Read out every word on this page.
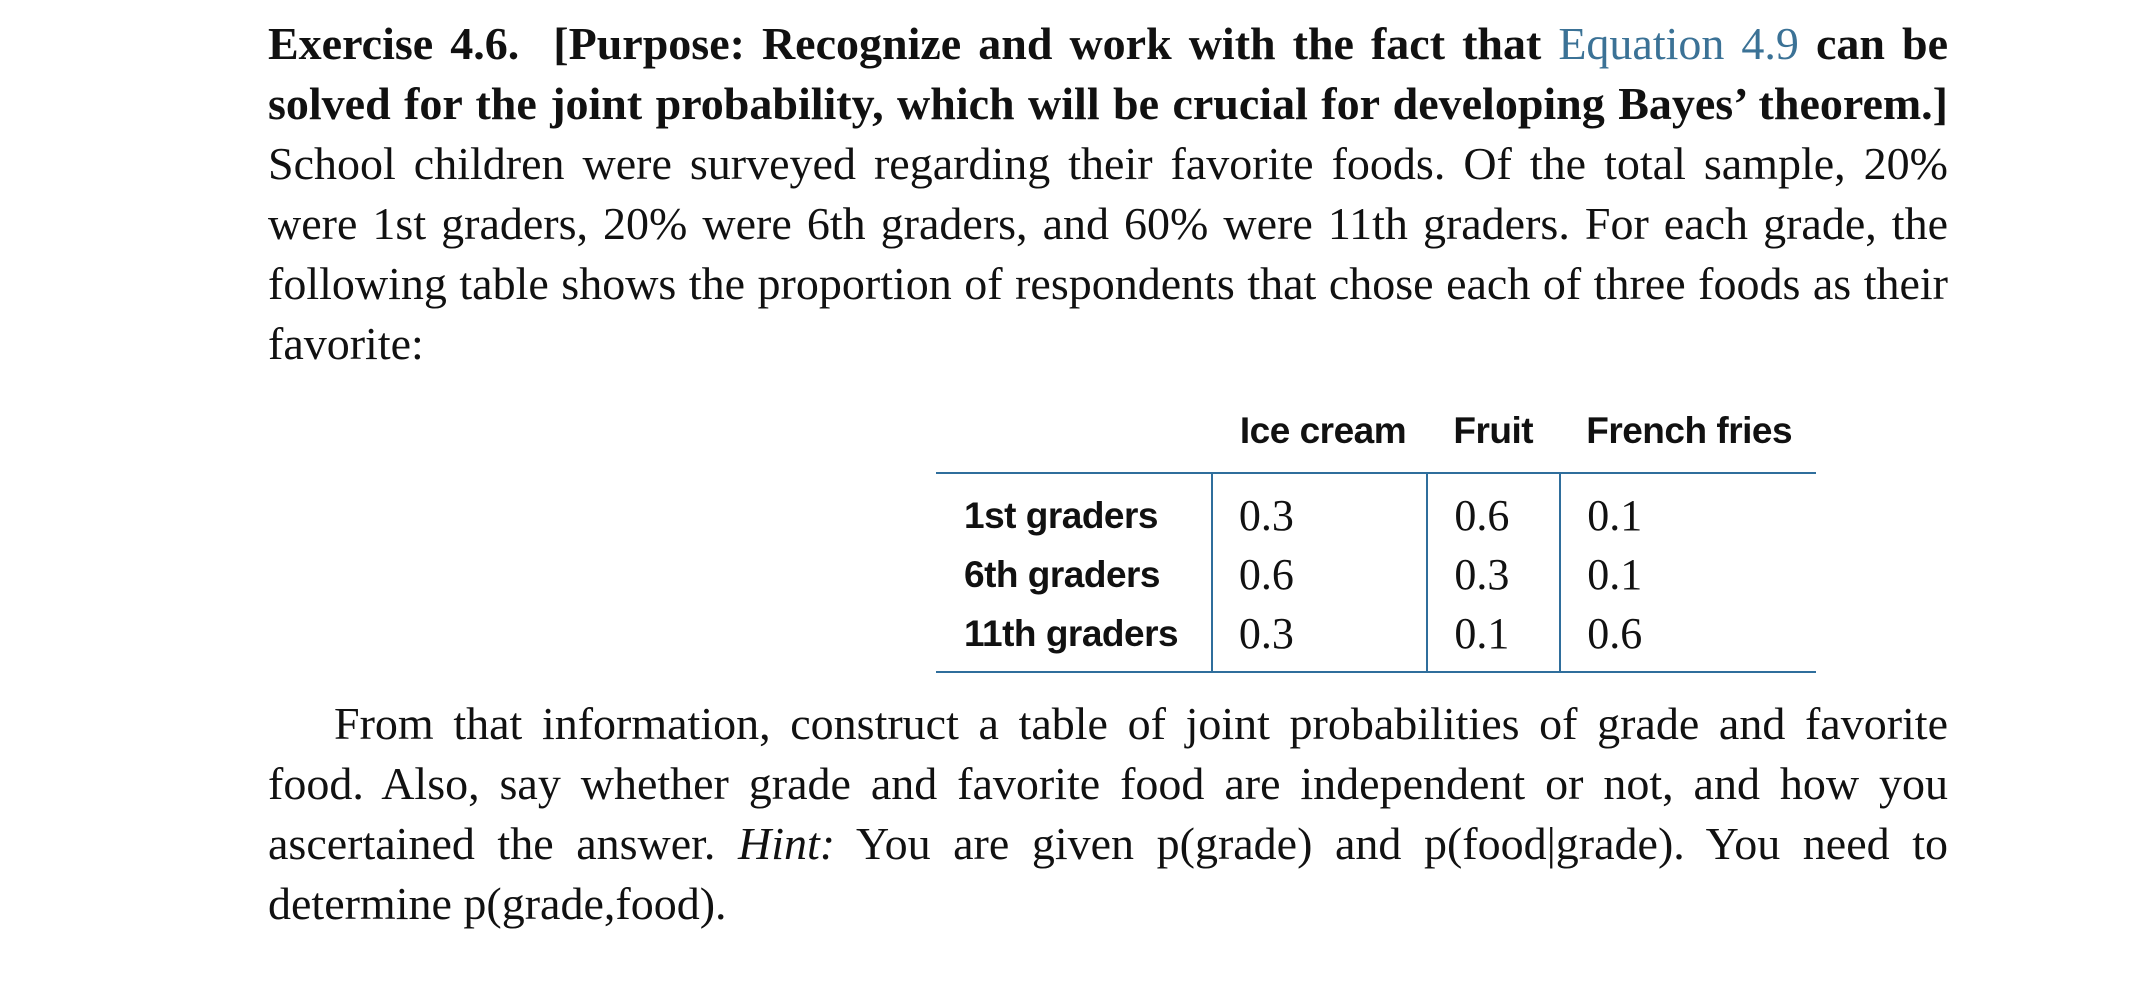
Exercise 4.6. [Purpose: Recognize and work with the fact that Equation 4.9 can be solved for the joint probability, which will be crucial for developing Bayes’ theorem.] School children were surveyed regarding their favorite foods. Of the total sample, 20% were 1st graders, 20% were 6th graders, and 60% were 11th graders. For each grade, the following table shows the proportion of respondents that chose each of three foods as their favorite:

	Ice cream	Fruit	French fries
1st graders	0.3	0.6	0.1
6th graders	0.6	0.3	0.1
11th graders	0.3	0.1	0.6

From that information, construct a table of joint probabilities of grade and favorite food. Also, say whether grade and favorite food are independent or not, and how you ascertained the answer. Hint: You are given p(grade) and p(food|grade). You need to determine p(grade,food).
